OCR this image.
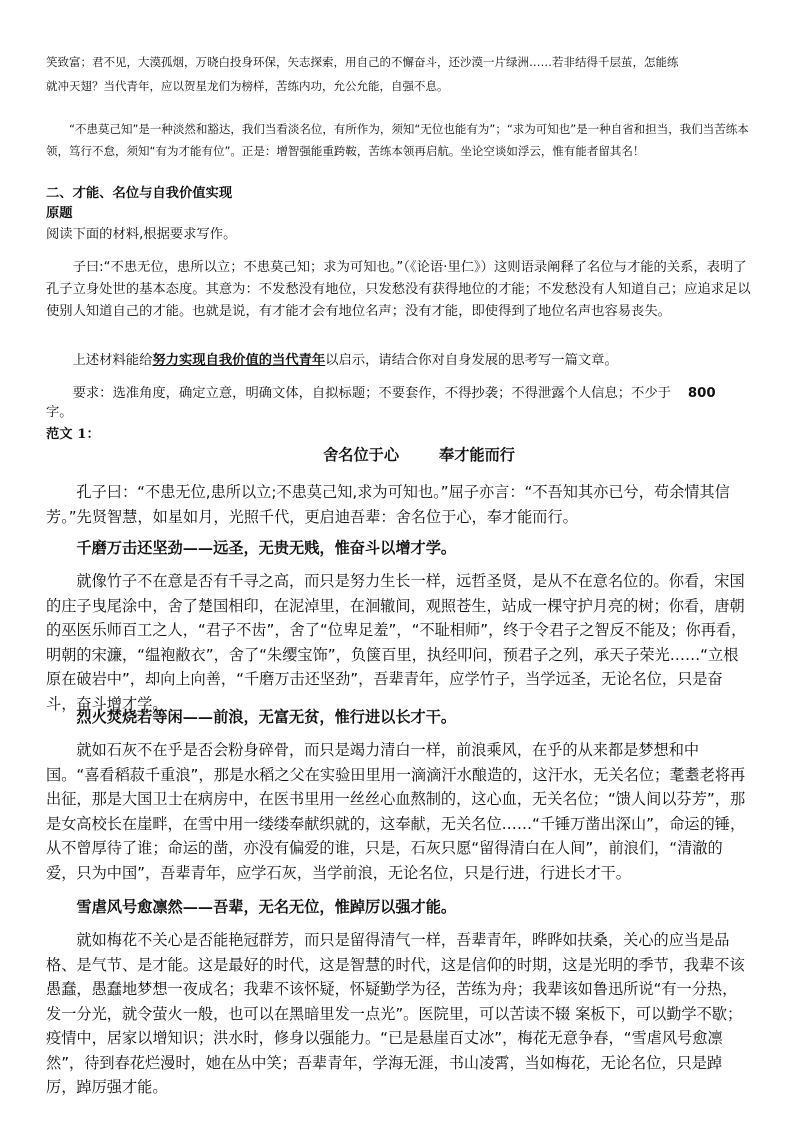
笑致富；君不见，大漠孤烟，万晓白投身环保，矢志探索，用自己的不懈奋斗，还沙漠一片绿洲……若非结得千层茧，怎能练
就冲天翅？当代青年，应以贺星龙们为榜样，苦练内功，允公允能，自强不息。

“不患莫己知”是一种淡然和豁达，我们当看淡名位，有所作为，须知“无位也能有为”；“求为可知也”是一种自省和担当，我们当苦练本领，笃行不怠，须知“有为才能有位”。正是：增智强能重跨鞍，苦练本领再启航。坐论空谈如浮云，惟有能者留其名！

二、才能、名位与自我价值实现

原题

阅读下面的材料,根据要求写作。

子曰:“不患无位，患所以立；不患莫己知；求为可知也。”（《论语·里仁》）这则语录阐释了名位与才能的关系，表明了孔子立身处世的基本态度。其意为：不发愁没有地位，只发愁没有获得地位的才能；不发愁没有人知道自己；应追求足以使别人知道自己的才能。也就是说，有才能才会有地位名声；没有才能，即使得到了地位名声也容易丧失。

上述材料能给努力实现自我价值的当代青年以启示，请结合你对自身发展的思考写一篇文章。

要求：选准角度，确定立意，明确文体，自拟标题；不要套作，不得抄袭；不得泄露个人信息；不少于 800
字。

范文 1：

舍名位于心	奉才能而行

孔子曰：“不患无位,患所以立;不患莫己知,求为可知也。”屈子亦言：“不吾知其亦已兮，苟余情其信芳。”先贤智慧，如星如月，光照千代，更启迪吾辈：舍名位于心，奉才能而行。

千磨万击还坚劲——远圣，无贵无贱，惟奋斗以增才学。

就像竹子不在意是否有千寻之高，而只是努力生长一样，远哲圣贤，是从不在意名位的。你看，宋国的庄子曳尾涂中，舍了楚国相印，在泥淖里，在洄辙间，观照苍生，站成一棵守护月亮的树；你看，唐朝的巫医乐师百工之人，“君子不齿”，舍了“位卑足羞”，“不耻相师”，终于令君子之智反不能及；你再看，明朝的宋濂，“缊袍敝衣”，舍了“朱缨宝饰”，负箧百里，执经叩问，预君子之列，承天子荣光……“立根原在破岩中”，却向上向善，“千磨万击还坚劲”，吾辈青年，应学竹子，当学远圣，无论名位，只是奋斗，奋斗增才学。

烈火焚烧若等闲——前浪，无富无贫，惟行进以长才干。

就如石灰不在乎是否会粉身碎骨，而只是竭力清白一样，前浪乘风，在乎的从来都是梦想和中国。“喜看稻菽千重浪”，那是水稻之父在实验田里用一滴滴汗水酿造的，这汗水，无关名位；耄耋老将再出征，那是大国卫士在病房中，在医书里用一丝丝心血熬制的，这心血，无关名位；“馈人间以芬芳”，那是女高校长在崖畔，在雪中用一缕缕奉献织就的，这奉献，无关名位……“千锤万凿出深山”，命运的锤，从不曾厚待了谁；命运的凿，亦没有偏爱的谁，只是，石灰只愿“留得清白在人间”，前浪们，“清澈的爱，只为中国”，吾辈青年，应学石灰，当学前浪，无论名位，只是行进，行进长才干。

雪虐风号愈凛然——吾辈，无名无位，惟踔厉以强才能。

就如梅花不关心是否能艳冠群芳，而只是留得清气一样，吾辈青年，晔晔如扶桑，关心的应当是品格、是气节、是才能。这是最好的时代，这是智慧的时代，这是信仰的时期，这是光明的季节，我辈不该愚蠢，愚蠢地梦想一夜成名；我辈不该怀疑，怀疑勤学为径，苦练为舟；我辈该如鲁迅所说“有一分热，发一分光，就令萤火一般，也可以在黑暗里发一点光”。医院里，可以苦读不辍 案板下，可以勤学不歇；疫情中，居家以增知识；洪水时，修身以强能力。“已是悬崖百丈冰”，梅花无意争春，“雪虐风号愈凛然”，待到春花烂漫时，她在丛中笑；吾辈青年，学海无涯，书山凌霄，当如梅花，无论名位，只是踔厉，踔厉强才能。
